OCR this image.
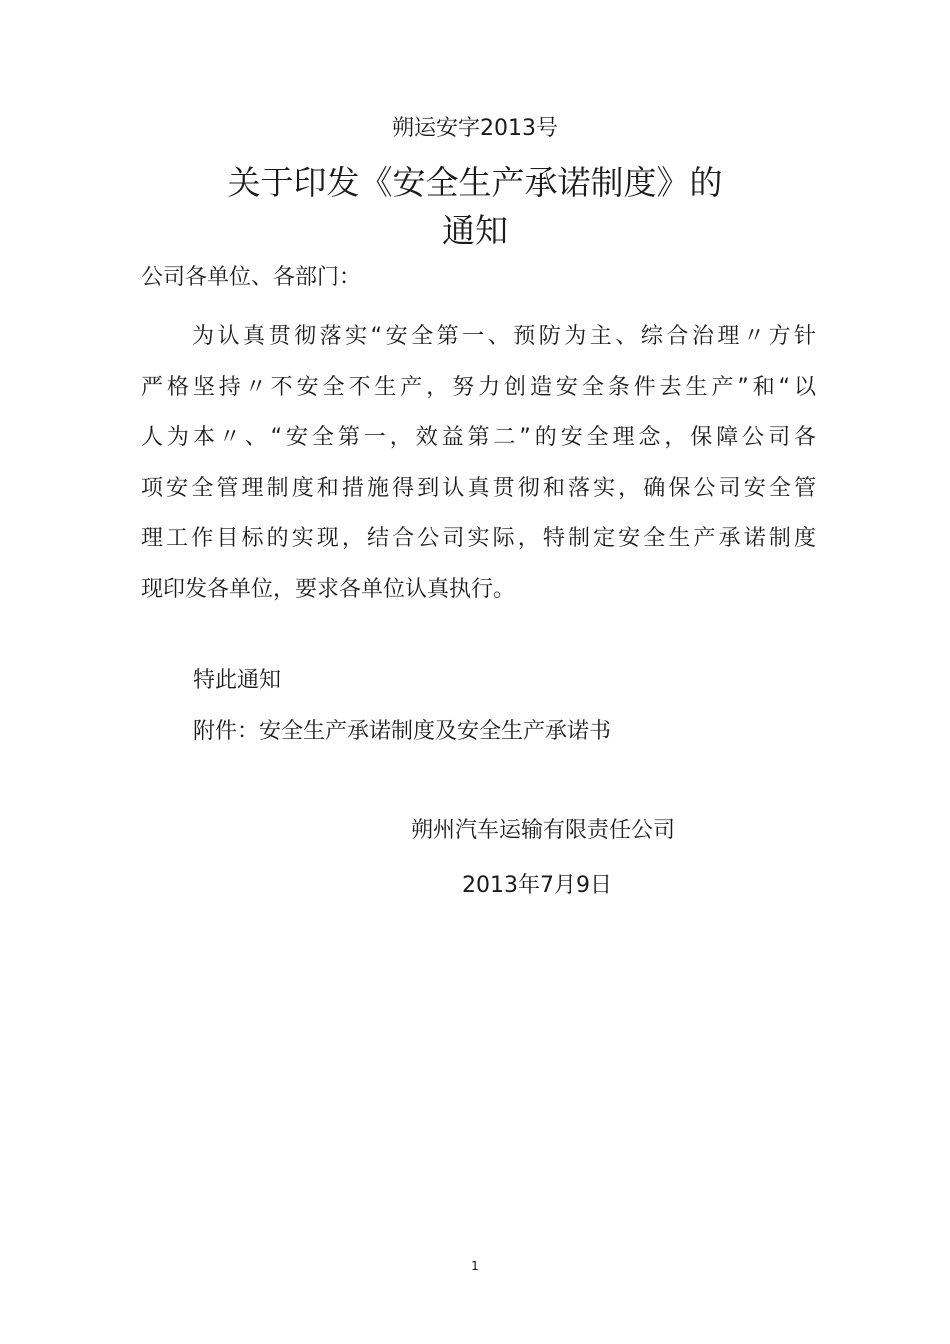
朔运安字2013号
关于印发《安全生产承诺制度》的
通知
公司各单位、各部门：
为认真贯彻落实“安全第一、预防为主、综合治理〃方针
严格坚持〃不安全不生产，努力创造安全条件去生产”和“以
人为本〃、“安全第一，效益第二”的安全理念，保障公司各
项安全管理制度和措施得到认真贯彻和落实，确保公司安全管
理工作目标的实现，结合公司实际，特制定安全生产承诺制度
现印发各单位，要求各单位认真执行。
特此通知
附件：安全生产承诺制度及安全生产承诺书
朔州汽车运输有限责任公司
2013年7月9日
1
